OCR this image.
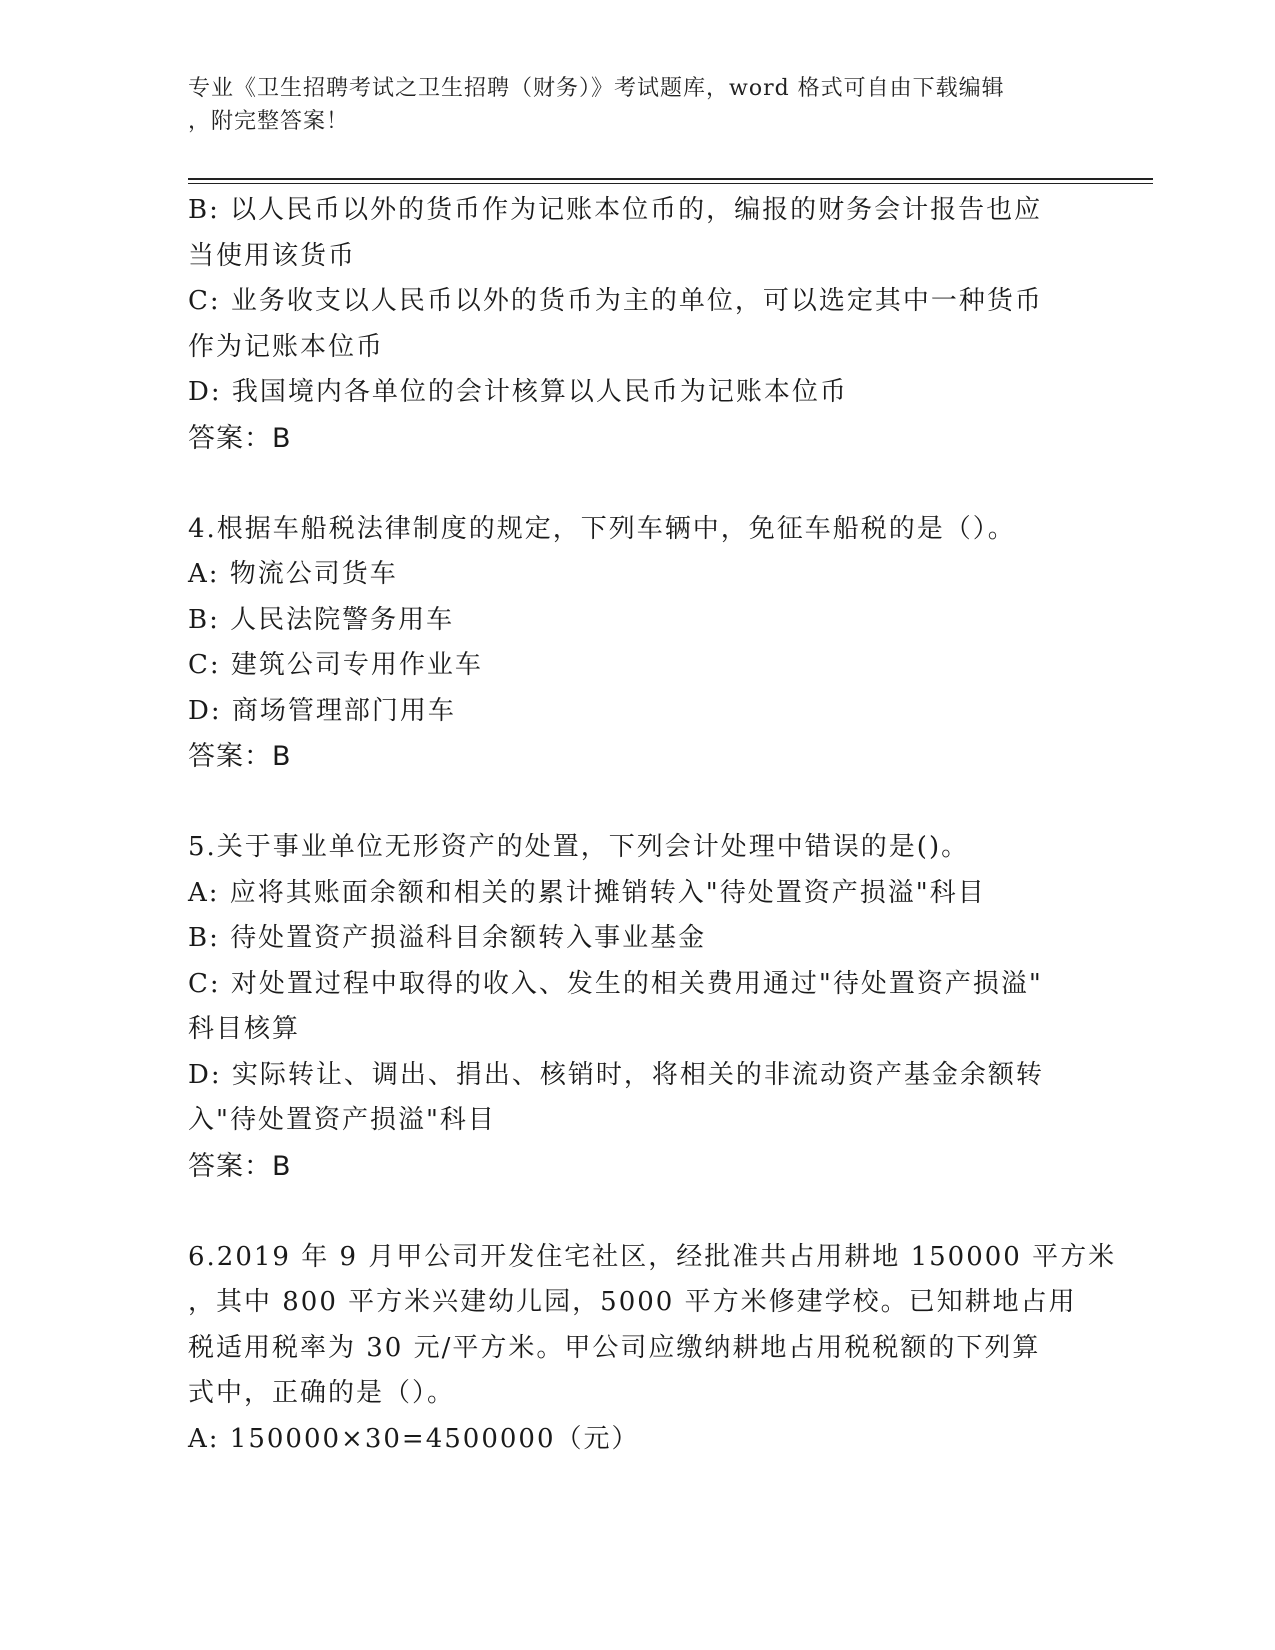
专业《卫生招聘考试之卫生招聘（财务）》考试题库，word 格式可自由下载编辑
，附完整答案！
B: 以人民币以外的货币作为记账本位币的，编报的财务会计报告也应
当使用该货币
C: 业务收支以人民币以外的货币为主的单位，可以选定其中一种货币
作为记账本位币
D: 我国境内各单位的会计核算以人民币为记账本位币
答案：B
4.根据车船税法律制度的规定，下列车辆中，免征车船税的是（）。
A: 物流公司货车
B: 人民法院警务用车
C: 建筑公司专用作业车
D: 商场管理部门用车
答案：B
5.关于事业单位无形资产的处置，下列会计处理中错误的是()。
A: 应将其账面余额和相关的累计摊销转入"待处置资产损溢"科目
B: 待处置资产损溢科目余额转入事业基金
C: 对处置过程中取得的收入、发生的相关费用通过"待处置资产损溢"
科目核算
D: 实际转让、调出、捐出、核销时，将相关的非流动资产基金余额转
入"待处置资产损溢"科目
答案：B
6.2019 年 9 月甲公司开发住宅社区，经批准共占用耕地 150000 平方米
，其中 800 平方米兴建幼儿园，5000 平方米修建学校。已知耕地占用
税适用税率为 30 元/平方米。甲公司应缴纳耕地占用税税额的下列算
式中，正确的是（）。
A: 150000×30=4500000（元）
